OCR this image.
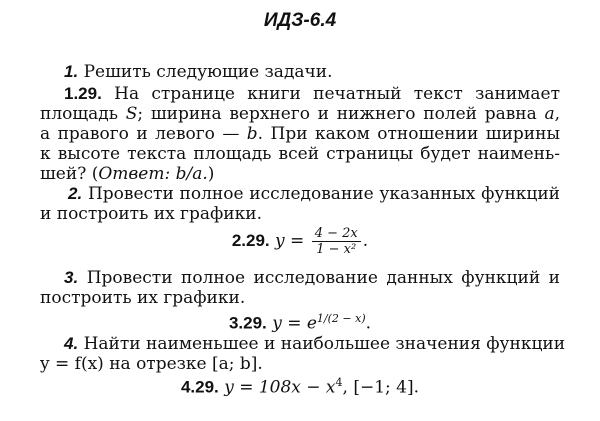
ИДЗ-6.4
1. Решить следующие задачи.
1.29. На странице книги печатный текст занимает
площадь S; ширина верхнего и нижнего полей равна a,
а правого и левого — b. При каком отношении ширины
к высоте текста площадь всей страницы будет наимень-
шей? (Ответ: b/a.)
2. Провести полное исследование указанных функций
и построить их графики.
2.29. $y = \frac{4 - 2x}{\text{1 − x²}}$ .
3. Провести полное исследование данных функций и
построить их графики.
3.29. $y = e^{1/(2 - x)}$.
4. Найти наименьшее и наибольшее значения функции
y = f(x) на отрезке [a; b].
4.29. $y = 108x - x^4$, [−1; 4].
